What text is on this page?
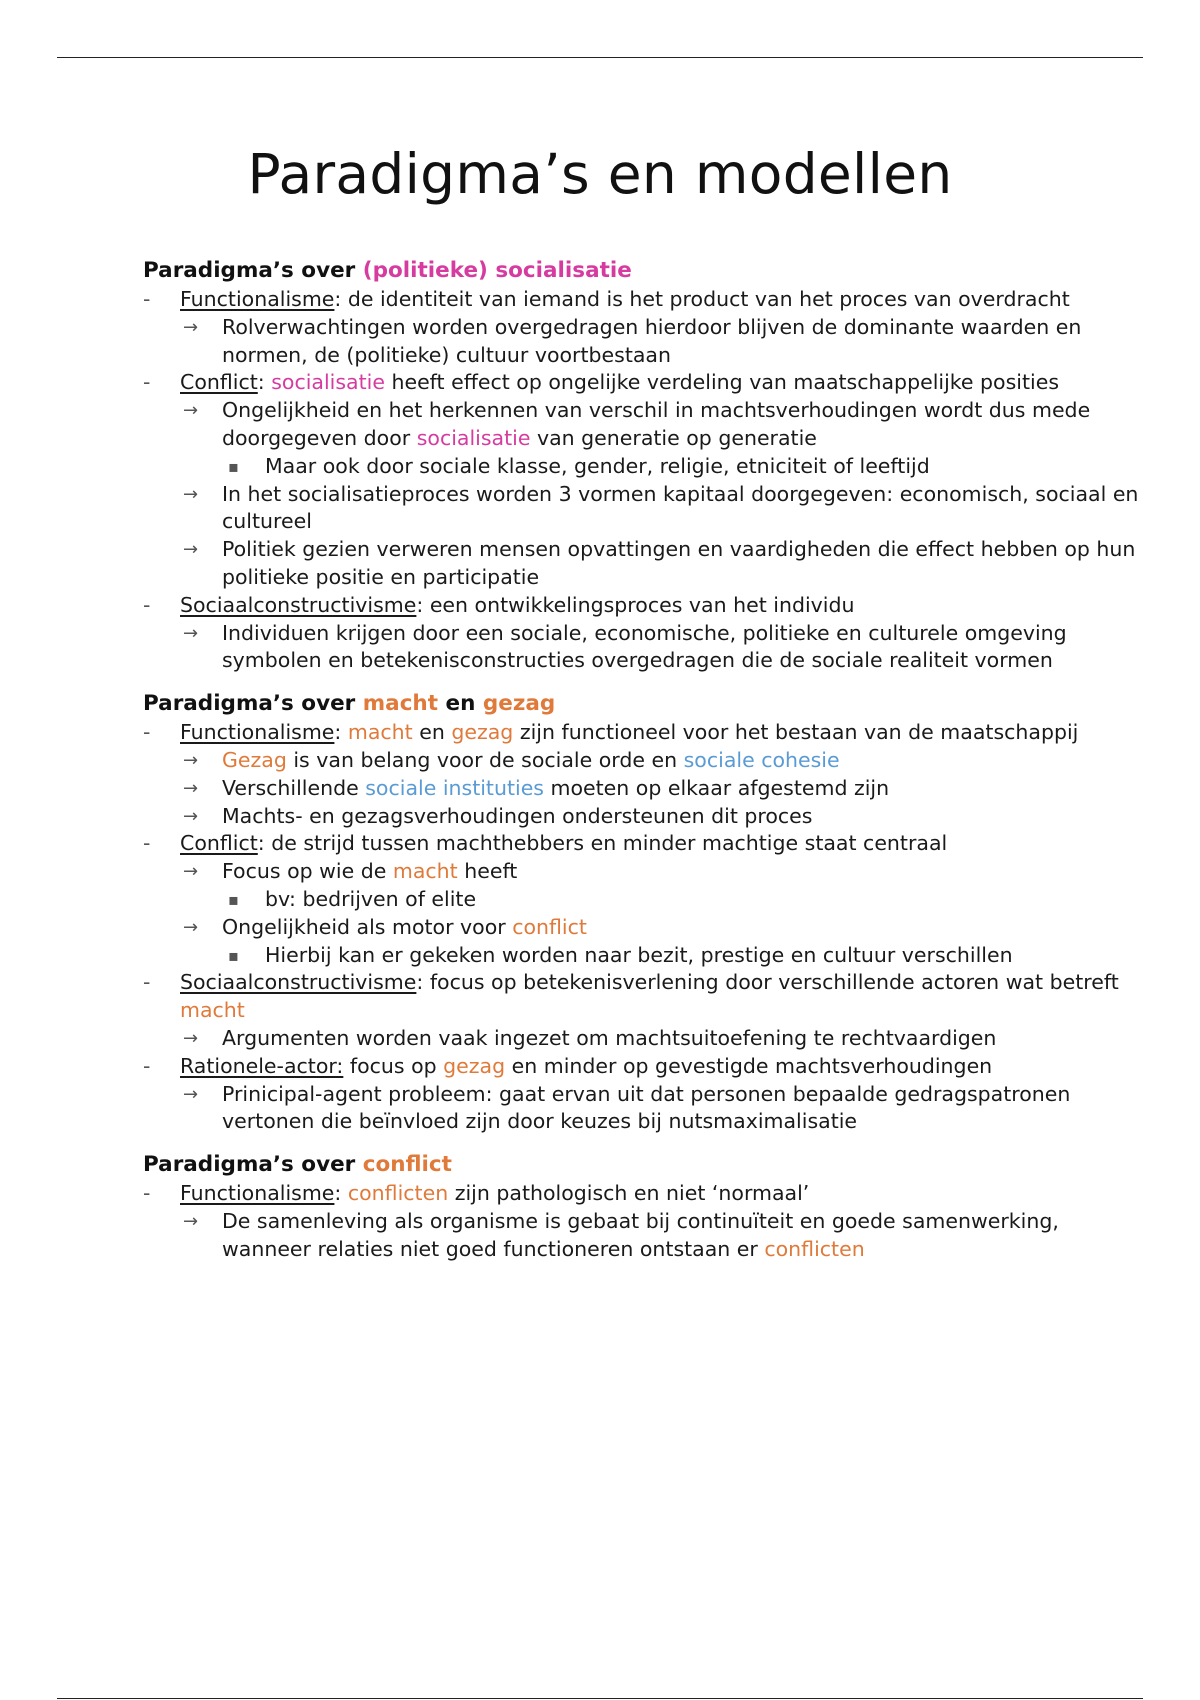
Paradigma’s en modellen
Paradigma’s over (politieke) socialisatie
- Functionalisme: de identiteit van iemand is het product van het proces van overdracht
→ Rolverwachtingen worden overgedragen hierdoor blijven de dominante waarden en normen, de (politieke) cultuur voortbestaan
- Conflict: socialisatie heeft effect op ongelijke verdeling van maatschappelijke posities
→ Ongelijkheid en het herkennen van verschil in machtsverhoudingen wordt dus mede doorgegeven door socialisatie van generatie op generatie
▪ Maar ook door sociale klasse, gender, religie, etniciteit of leeftijd
→ In het socialisatieproces worden 3 vormen kapitaal doorgegeven: economisch, sociaal en cultureel
→ Politiek gezien verweren mensen opvattingen en vaardigheden die effect hebben op hun politieke positie en participatie
- Sociaalconstructivisme: een ontwikkelingsproces van het individu
→ Individuen krijgen door een sociale, economische, politieke en culturele omgeving symbolen en betekenisconstructies overgedragen die de sociale realiteit vormen
Paradigma’s over macht en gezag
- Functionalisme: macht en gezag zijn functioneel voor het bestaan van de maatschappij
→ Gezag is van belang voor de sociale orde en sociale cohesie
→ Verschillende sociale instituties moeten op elkaar afgestemd zijn
→ Machts- en gezagsverhoudingen ondersteunen dit proces
- Conflict: de strijd tussen machthebbers en minder machtige staat centraal
→ Focus op wie de macht heeft
▪ bv: bedrijven of elite
→ Ongelijkheid als motor voor conflict
▪ Hierbij kan er gekeken worden naar bezit, prestige en cultuur verschillen
- Sociaalconstructivisme: focus op betekenisverlening door verschillende actoren wat betreft macht
→ Argumenten worden vaak ingezet om machtsuitoefening te rechtvaardigen
- Rationele-actor: focus op gezag en minder op gevestigde machtsverhoudingen
→ Prinicipal-agent probleem: gaat ervan uit dat personen bepaalde gedragspatronen vertonen die beïnvloed zijn door keuzes bij nutsmaximalisatie
Paradigma’s over conflict
- Functionalisme: conflicten zijn pathologisch en niet ‘normaal’
→ De samenleving als organisme is gebaat bij continuïteit en goede samenwerking, wanneer relaties niet goed functioneren ontstaan er conflicten
